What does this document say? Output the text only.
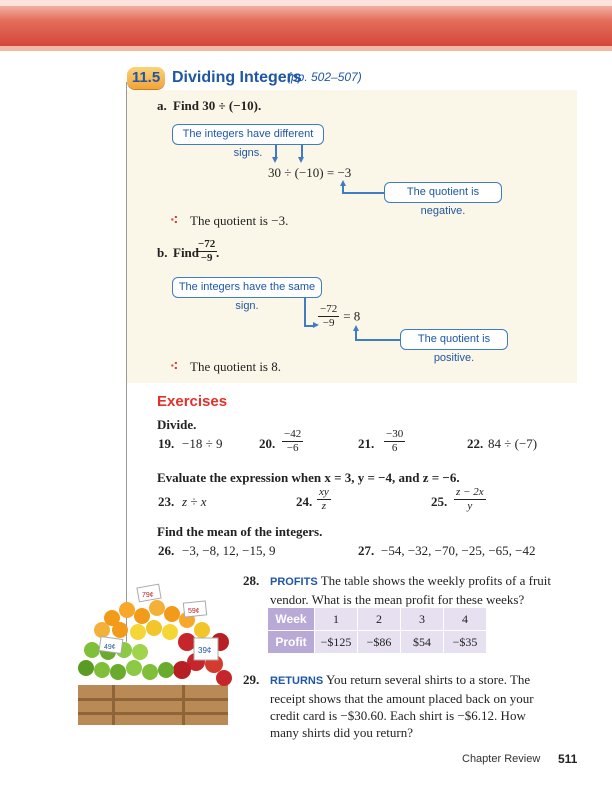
11.5 Dividing Integers
(pp. 502–507)
a. Find 30 ÷ (−10).
The integers have different signs.
30 ÷ (−10) = −3
The quotient is negative.
⁖ The quotient is −3.
b. Find
$\frac{-72}{-9}$
.
The integers have the same sign.	$\frac{-72}{-9} = 8$
The quotient is positive.
⁖ The quotient is 8.
Exercises
Divide.
19. −18 ÷ 9	20. $\frac{-42}{-6}$	21. $\frac{-30}{6}$	22. 84 ÷ (−7)
Evaluate the expression when x = 3, y = −4, and z = −6.
23. z ÷ x	24. $\frac{xy}{z}$	25. $\frac{z - 2x}{y}$
Find the mean of the integers.
26. −3, −8, 12, −15, 9	27. −54, −32, −70, −25, −65, −42
28. PROFITS The table shows the weekly profits of a fruit
vendor. What is the mean profit for these weeks?
Week	1	2	3	4
Profit	−$125	−$86	$54	−$35
29. RETURNS You return several shirts to a store. The
receipt shows that the amount placed back on your
credit card is −$30.60. Each shirt is −$6.12. How
many shirts did you return?
79¢
49¢
59¢
39¢
Chapter Review 511
